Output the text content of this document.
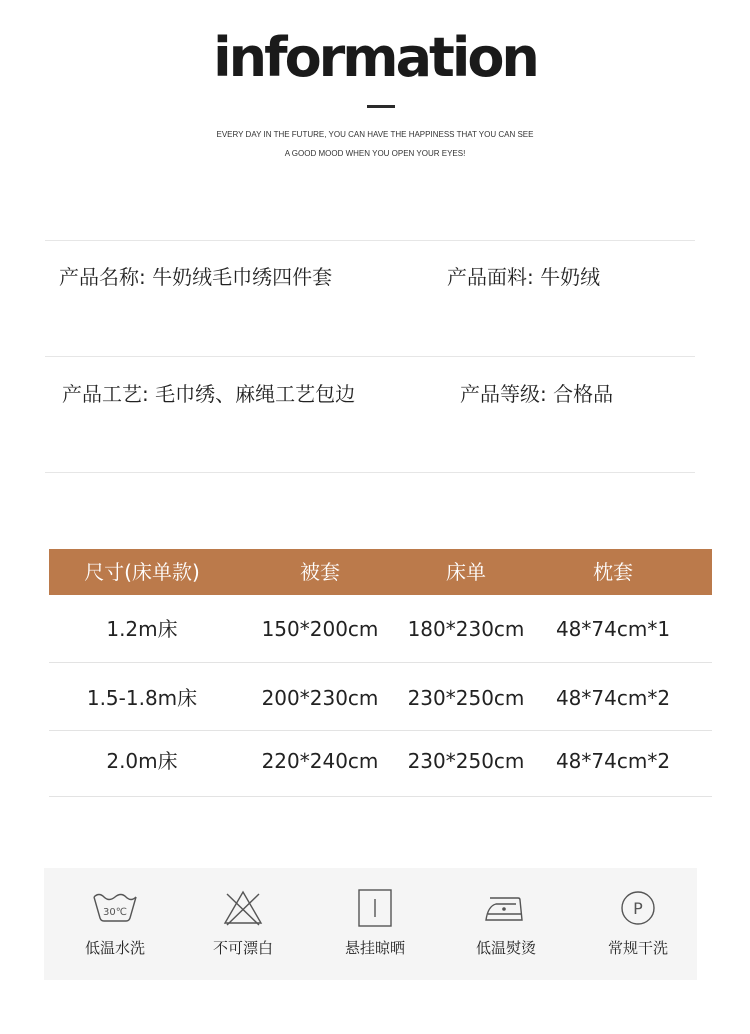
information
EVERY DAY IN THE FUTURE, YOU CAN HAVE THE HAPPINESS THAT YOU CAN SEE
A GOOD MOOD WHEN YOU OPEN YOUR EYES!
产品名称: 牛奶绒毛巾绣四件套	产品面料: 牛奶绒
产品工艺: 毛巾绣、麻绳工艺包边	产品等级: 合格品
尺寸(床单款)	被套	床单	枕套
1.2m床	150*200cm	180*230cm	48*74cm*1
1.5-1.8m床	200*230cm	230*250cm	48*74cm*2
2.0m床	220*240cm	230*250cm	48*74cm*2
30℃
低温水洗	不可漂白	悬挂晾晒	低温熨烫
P
常规干洗
